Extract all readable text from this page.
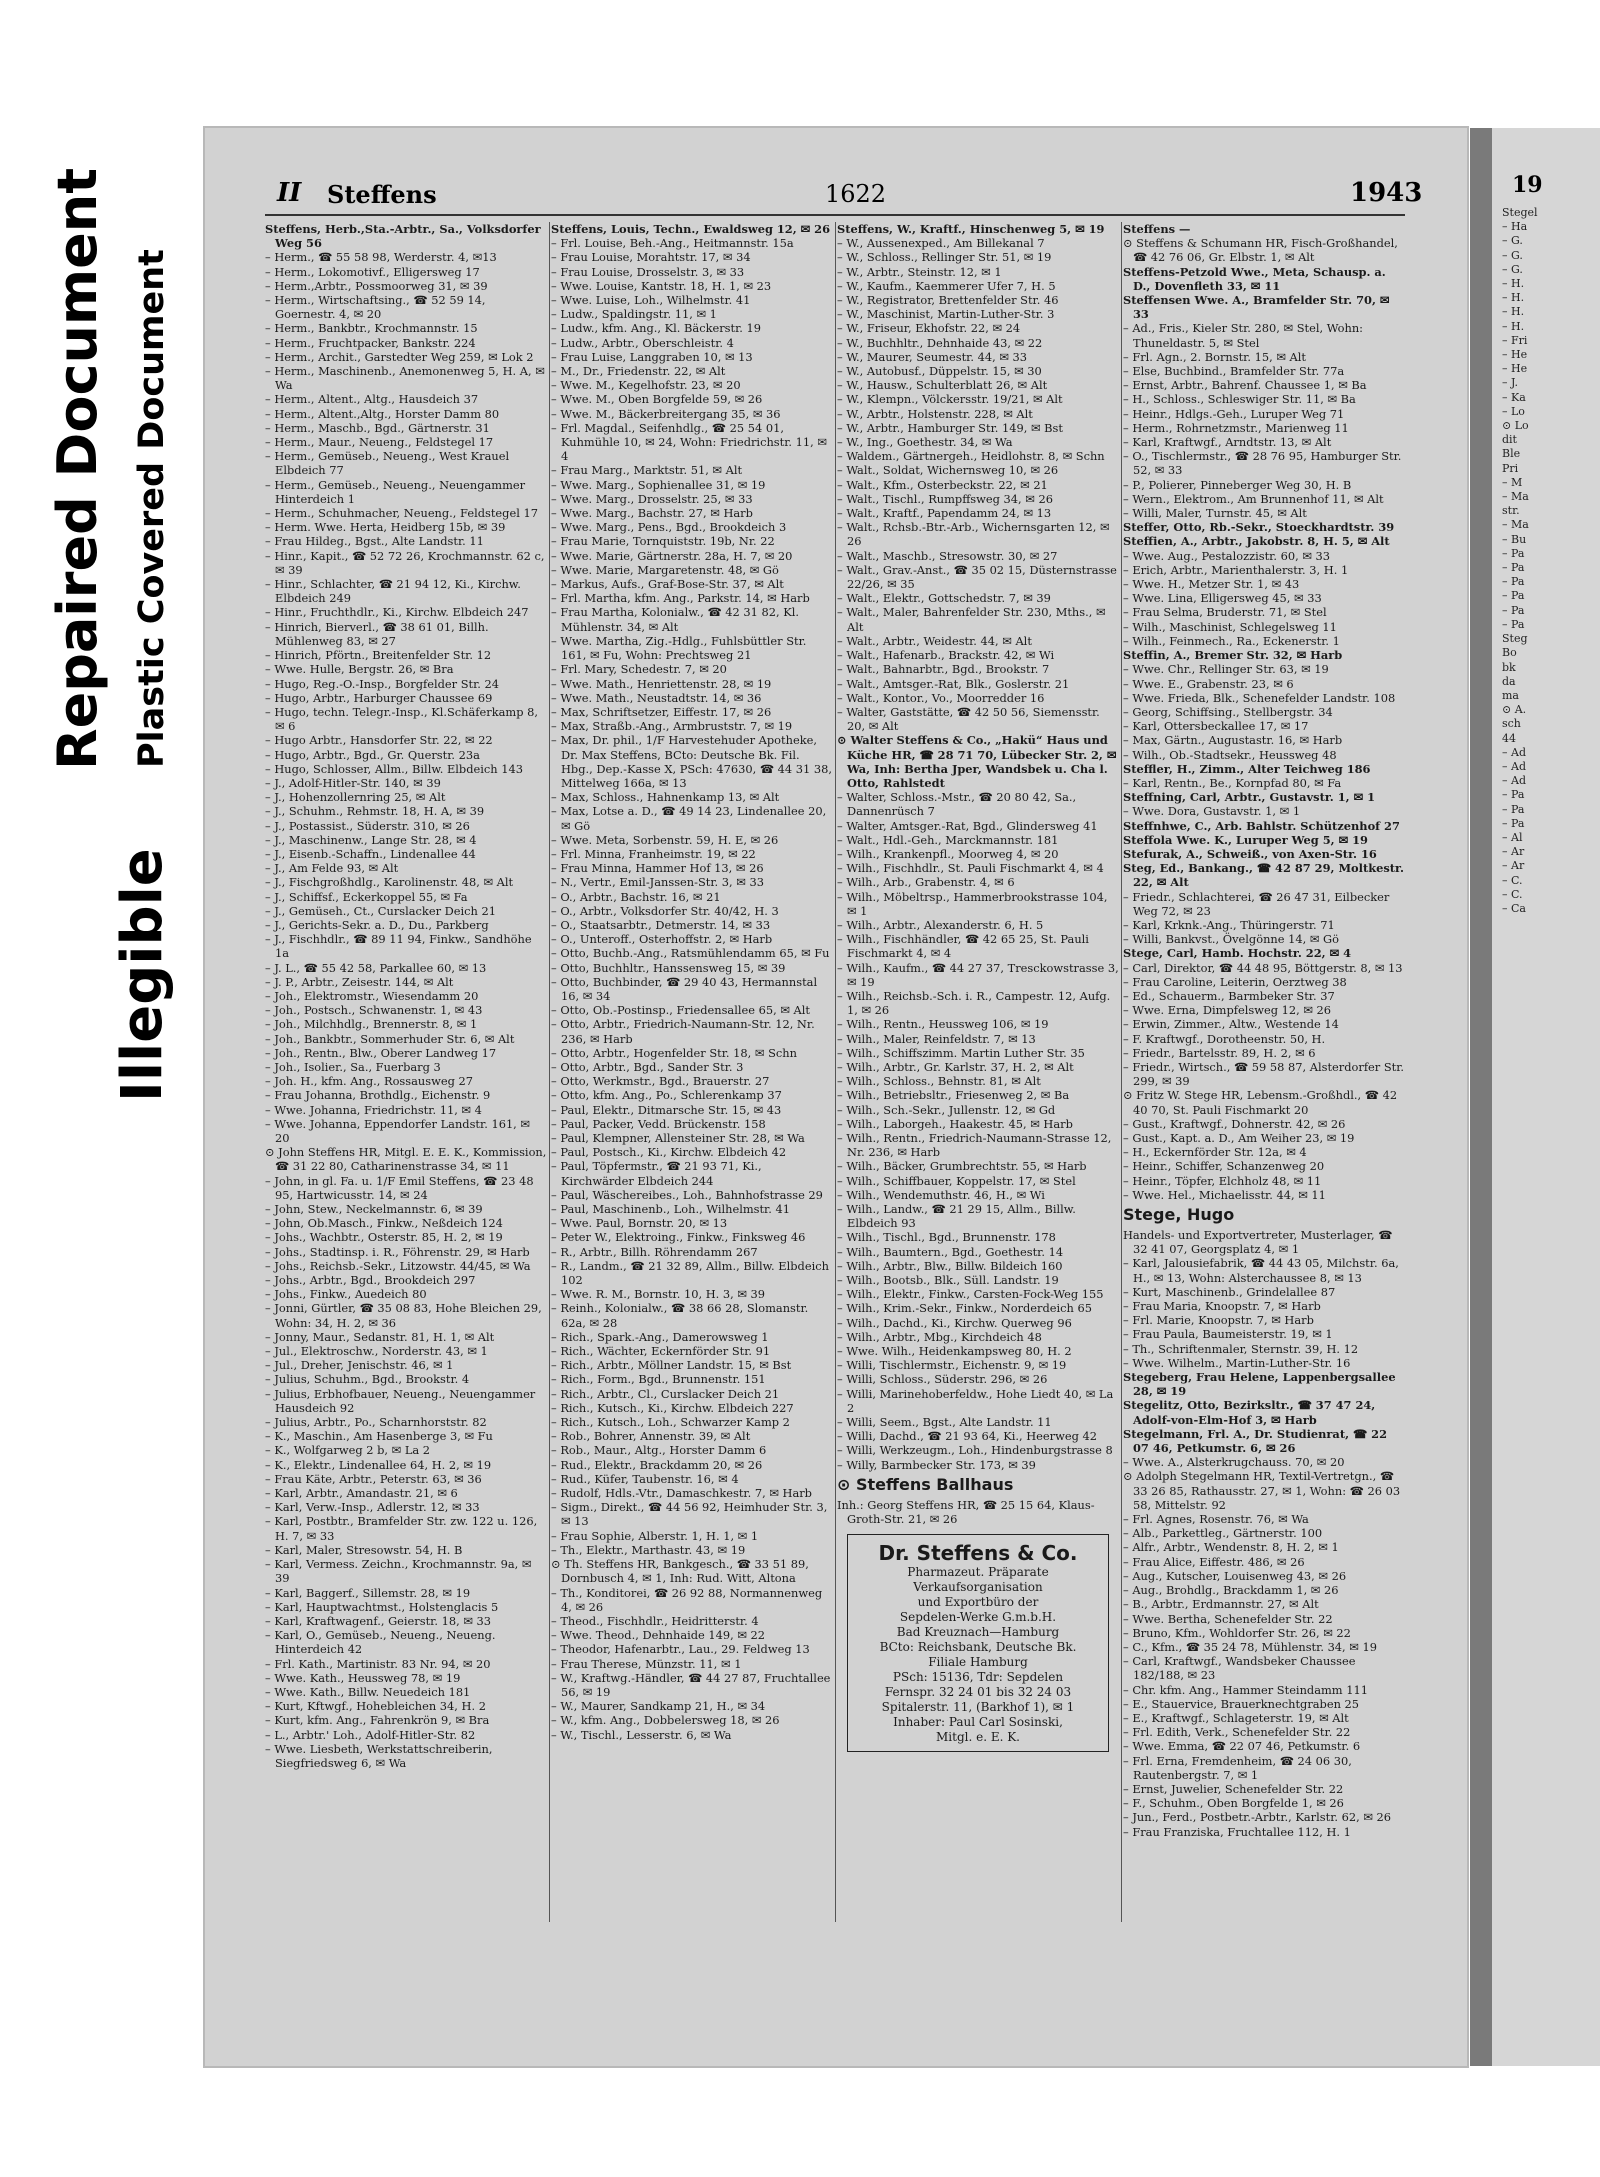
Repaired Document Plastic Covered Document
Illegible
II Steffens	1622	1943
Steffens, Herb.,Sta.-Arbtr., Sa., Volksdorfer Weg 56
– Herm., ☎ 55 58 98, Werderstr. 4, ✉13
– Herm., Lokomotivf., Elligersweg 17
– Herm.,Arbtr., Possmoorweg 31, ✉ 39
– Herm., Wirtschaftsing., ☎ 52 59 14, Goernestr. 4, ✉ 20
– Herm., Bankbtr., Krochmannstr. 15
– Herm., Fruchtpacker, Bankstr. 224
– Herm., Archit., Garstedter Weg 259, ✉ Lok 2
– Herm., Maschinenb., Anemonenweg 5, H. A, ✉ Wa
– Herm., Altent., Altg., Hausdeich 37
– Herm., Altent.,Altg., Horster Damm 80
– Herm., Maschb., Bgd., Gärtnerstr. 31
– Herm., Maur., Neueng., Feldstegel 17
– Herm., Gemüseb., Neueng., West Krauel Elbdeich 77
– Herm., Gemüseb., Neueng., Neuengammer Hinterdeich 1
– Herm., Schuhmacher, Neueng., Feldstegel 17
– Herm. Wwe. Herta, Heidberg 15b, ✉ 39
– Frau Hildeg., Bgst., Alte Landstr. 11
– Hinr., Kapit., ☎ 52 72 26, Krochmannstr. 62 c, ✉ 39
– Hinr., Schlachter, ☎ 21 94 12, Ki., Kirchw. Elbdeich 249
– Hinr., Fruchthdlr., Ki., Kirchw. Elbdeich 247
– Hinrich, Bierverl., ☎ 38 61 01, Billh. Mühlenweg 83, ✉ 27
– Hinrich, Pförtn., Breitenfelder Str. 12
– Wwe. Hulle, Bergstr. 26, ✉ Bra
– Hugo, Reg.-O.-Insp., Borgfelder Str. 24
– Hugo, Arbtr., Harburger Chaussee 69
– Hugo, techn. Telegr.-Insp., Kl.Schäferkamp 8, ✉ 6
– Hugo Arbtr., Hansdorfer Str. 22, ✉ 22
– Hugo, Arbtr., Bgd., Gr. Querstr. 23a
– Hugo, Schlosser, Allm., Billw. Elbdeich 143
– J., Adolf-Hitler-Str. 140, ✉ 39
– J., Hohenzollernring 25, ✉ Alt
– J., Schuhm., Rehmstr. 18, H. A, ✉ 39
– J., Postassist., Süderstr. 310, ✉ 26
– J., Maschinenw., Lange Str. 28, ✉ 4
– J., Eisenb.-Schaffn., Lindenallee 44
– J., Am Felde 93, ✉ Alt
– J., Fischgroßhdlg., Karolinenstr. 48, ✉ Alt
– J., Schiffsf., Eckerkoppel 55, ✉ Fa
– J., Gemüseh., Ct., Curslacker Deich 21
– J., Gerichts-Sekr. a. D., Du., Parkberg
– J., Fischhdlr., ☎ 89 11 94, Finkw., Sandhöhe 1a
– J. L., ☎ 55 42 58, Parkallee 60, ✉ 13
– J. P., Arbtr., Zeisestr. 144, ✉ Alt
– Joh., Elektromstr., Wiesendamm 20
– Joh., Postsch., Schwanenstr. 1, ✉ 43
– Joh., Milchhdlg., Brennerstr. 8, ✉ 1
– Joh., Bankbtr., Sommerhuder Str. 6, ✉ Alt
– Joh., Rentn., Blw., Oberer Landweg 17
– Joh., Isolier., Sa., Fuerbarg 3
– Joh. H., kfm. Ang., Rossausweg 27
– Frau Johanna, Brothdlg., Eichenstr. 9
– Wwe. Johanna, Friedrichstr. 11, ✉ 4
– Wwe. Johanna, Eppendorfer Landstr. 161, ✉ 20
⊙ John Steffens HR, Mitgl. E. E. K., Kommission, ☎ 31 22 80, Catharinenstrasse 34, ✉ 11
– John, in gl. Fa. u. 1/F Emil Steffens, ☎ 23 48 95, Hartwicusstr. 14, ✉ 24
– John, Stew., Neckelmannstr. 6, ✉ 39
– John, Ob.Masch., Finkw., Neßdeich 124
– Johs., Wachbtr., Osterstr. 85, H. 2, ✉ 19
– Johs., Stadtinsp. i. R., Föhrenstr. 29, ✉ Harb
– Johs., Reichsb.-Sekr., Litzowstr. 44/45, ✉ Wa
– Johs., Arbtr., Bgd., Brookdeich 297
– Johs., Finkw., Auedeich 80
– Jonni, Gürtler, ☎ 35 08 83, Hohe Bleichen 29, Wohn: 34, H. 2, ✉ 36
– Jonny, Maur., Sedanstr. 81, H. 1, ✉ Alt
– Jul., Elektroschw., Norderstr. 43, ✉ 1
– Jul., Dreher, Jenischstr. 46, ✉ 1
– Julius, Schuhm., Bgd., Brookstr. 4
– Julius, Erbhofbauer, Neueng., Neuengammer Hausdeich 92
– Julius, Arbtr., Po., Scharnhorststr. 82
– K., Maschin., Am Hasenberge 3, ✉ Fu
– K., Wolfgarweg 2 b, ✉ La 2
– K., Elektr., Lindenallee 64, H. 2, ✉ 19
– Frau Käte, Arbtr., Peterstr. 63, ✉ 36
– Karl, Arbtr., Amandastr. 21, ✉ 6
– Karl, Verw.-Insp., Adlerstr. 12, ✉ 33
– Karl, Postbtr., Bramfelder Str. zw. 122 u. 126, H. 7, ✉ 33
– Karl, Maler, Stresowstr. 54, H. B
– Karl, Vermess. Zeichn., Krochmannstr. 9a, ✉ 39
– Karl, Baggerf., Sillemstr. 28, ✉ 19
– Karl, Hauptwachtmst., Holstenglacis 5
– Karl, Kraftwagenf., Geierstr. 18, ✉ 33
– Karl, O., Gemüseb., Neueng., Neueng. Hinterdeich 42
– Frl. Kath., Martinistr. 83 Nr. 94, ✉ 20
– Wwe. Kath., Heussweg 78, ✉ 19
– Wwe. Kath., Billw. Neuedeich 181
– Kurt, Kftwgf., Hohebleichen 34, H. 2
– Kurt, kfm. Ang., Fahrenkrön 9, ✉ Bra
– L., Arbtr.' Loh., Adolf-Hitler-Str. 82
– Wwe. Liesbeth, Werkstattschreiberin, Siegfriedsweg 6, ✉ Wa
Steffens, Louis, Techn., Ewaldsweg 12, ✉ 26
– Frl. Louise, Beh.-Ang., Heitmannstr. 15a
– Frau Louise, Morahtstr. 17, ✉ 34
– Frau Louise, Drosselstr. 3, ✉ 33
– Wwe. Louise, Kantstr. 18, H. 1, ✉ 23
– Wwe. Luise, Loh., Wilhelmstr. 41
– Ludw., Spaldingstr. 11, ✉ 1
– Ludw., kfm. Ang., Kl. Bäckerstr. 19
– Ludw., Arbtr., Oberschleistr. 4
– Frau Luise, Langgraben 10, ✉ 13
– M., Dr., Friedenstr. 22, ✉ Alt
– Wwe. M., Kegelhofstr. 23, ✉ 20
– Wwe. M., Oben Borgfelde 59, ✉ 26
– Wwe. M., Bäckerbreitergang 35, ✉ 36
– Frl. Magdal., Seifenhdlg., ☎ 25 54 01, Kuhmühle 10, ✉ 24, Wohn: Friedrichstr. 11, ✉ 4
– Frau Marg., Marktstr. 51, ✉ Alt
– Wwe. Marg., Sophienallee 31, ✉ 19
– Wwe. Marg., Drosselstr. 25, ✉ 33
– Wwe. Marg., Bachstr. 27, ✉ Harb
– Wwe. Marg., Pens., Bgd., Brookdeich 3
– Frau Marie, Tornquiststr. 19b, Nr. 22
– Wwe. Marie, Gärtnerstr. 28a, H. 7, ✉ 20
– Wwe. Marie, Margaretenstr. 48, ✉ Gö
– Markus, Aufs., Graf-Bose-Str. 37, ✉ Alt
– Frl. Martha, kfm. Ang., Parkstr. 14, ✉ Harb
– Frau Martha, Kolonialw., ☎ 42 31 82, Kl. Mühlenstr. 34, ✉ Alt
– Wwe. Martha, Zig.-Hdlg., Fuhlsbüttler Str. 161, ✉ Fu, Wohn: Prechtsweg 21
– Frl. Mary, Schedestr. 7, ✉ 20
– Wwe. Math., Henriettenstr. 28, ✉ 19
– Wwe. Math., Neustadtstr. 14, ✉ 36
– Max, Schriftsetzer, Eiffestr. 17, ✉ 26
– Max, Straßb.-Ang., Armbruststr. 7, ✉ 19
– Max, Dr. phil., 1/F Harvestehuder Apotheke, Dr. Max Steffens, BCto: Deutsche Bk. Fil. Hbg., Dep.-Kasse X, PSch: 47630, ☎ 44 31 38, Mittelweg 166a, ✉ 13
– Max, Schloss., Hahnenkamp 13, ✉ Alt
– Max, Lotse a. D., ☎ 49 14 23, Lindenallee 20, ✉ Gö
– Wwe. Meta, Sorbenstr. 59, H. E, ✉ 26
– Frl. Minna, Franheimstr. 19, ✉ 22
– Frau Minna, Hammer Hof 13, ✉ 26
– N., Vertr., Emil-Janssen-Str. 3, ✉ 33
– O., Arbtr., Bachstr. 16, ✉ 21
– O., Arbtr., Volksdorfer Str. 40/42, H. 3
– O., Staatsarbtr., Detmerstr. 14, ✉ 33
– O., Unteroff., Osterhoffstr. 2, ✉ Harb
– Otto, Buchb.-Ang., Ratsmühlendamm 65, ✉ Fu
– Otto, Buchhltr., Hanssensweg 15, ✉ 39
– Otto, Buchbinder, ☎ 29 40 43, Hermannstal 16, ✉ 34
– Otto, Ob.-Postinsp., Friedensallee 65, ✉ Alt
– Otto, Arbtr., Friedrich-Naumann-Str. 12, Nr. 236, ✉ Harb
– Otto, Arbtr., Hogenfelder Str. 18, ✉ Schn
– Otto, Arbtr., Bgd., Sander Str. 3
– Otto, Werkmstr., Bgd., Brauerstr. 27
– Otto, kfm. Ang., Po., Schlerenkamp 37
– Paul, Elektr., Ditmarsche Str. 15, ✉ 43
– Paul, Packer, Vedd. Brückenstr. 158
– Paul, Klempner, Allensteiner Str. 28, ✉ Wa
– Paul, Postsch., Ki., Kirchw. Elbdeich 42
– Paul, Töpfermstr., ☎ 21 93 71, Ki., Kirchwärder Elbdeich 244
– Paul, Wäschereibes., Loh., Bahnhofstrasse 29
– Paul, Maschinenb., Loh., Wilhelmstr. 41
– Wwe. Paul, Bornstr. 20, ✉ 13
– Peter W., Elektroing., Finkw., Finksweg 46
– R., Arbtr., Billh. Röhrendamm 267
– R., Landm., ☎ 21 32 89, Allm., Billw. Elbdeich 102
– Wwe. R. M., Bornstr. 10, H. 3, ✉ 39
– Reinh., Kolonialw., ☎ 38 66 28, Slomanstr. 62a, ✉ 28
– Rich., Spark.-Ang., Damerowsweg 1
– Rich., Wächter, Eckernförder Str. 91
– Rich., Arbtr., Möllner Landstr. 15, ✉ Bst
– Rich., Form., Bgd., Brunnenstr. 151
– Rich., Arbtr., Cl., Curslacker Deich 21
– Rich., Kutsch., Ki., Kirchw. Elbdeich 227
– Rich., Kutsch., Loh., Schwarzer Kamp 2
– Rob., Bohrer, Annenstr. 39, ✉ Alt
– Rob., Maur., Altg., Horster Damm 6
– Rud., Elektr., Brackdamm 20, ✉ 26
– Rud., Küfer, Taubenstr. 16, ✉ 4
– Rudolf, Hdls.-Vtr., Damaschkestr. 7, ✉ Harb
– Sigm., Direkt., ☎ 44 56 92, Heimhuder Str. 3, ✉ 13
– Frau Sophie, Alberstr. 1, H. 1, ✉ 1
– Th., Elektr., Marthastr. 43, ✉ 19
⊙ Th. Steffens HR, Bankgesch., ☎ 33 51 89, Dornbusch 4, ✉ 1, Inh: Rud. Witt, Altona
– Th., Konditorei, ☎ 26 92 88, Normannenweg 4, ✉ 26
– Theod., Fischhdlr., Heidritterstr. 4
– Wwe. Theod., Dehnhaide 149, ✉ 22
– Theodor, Hafenarbtr., Lau., 29. Feldweg 13
– Frau Therese, Münzstr. 11, ✉ 1
– W., Kraftwg.-Händler, ☎ 44 27 87, Fruchtallee 56, ✉ 19
– W., Maurer, Sandkamp 21, H., ✉ 34
– W., kfm. Ang., Dobbelersweg 18, ✉ 26
– W., Tischl., Lesserstr. 6, ✉ Wa
Steffens, W., Kraftf., Hinschenweg 5, ✉ 19
– W., Aussenexped., Am Billekanal 7
– W., Schloss., Rellinger Str. 51, ✉ 19
– W., Arbtr., Steinstr. 12, ✉ 1
– W., Kaufm., Kaemmerer Ufer 7, H. 5
– W., Registrator, Brettenfelder Str. 46
– W., Maschinist, Martin-Luther-Str. 3
– W., Friseur, Ekhofstr. 22, ✉ 24
– W., Buchhltr., Dehnhaide 43, ✉ 22
– W., Maurer, Seumestr. 44, ✉ 33
– W., Autobusf., Düppelstr. 15, ✉ 30
– W., Hausw., Schulterblatt 26, ✉ Alt
– W., Klempn., Völckersstr. 19/21, ✉ Alt
– W., Arbtr., Holstenstr. 228, ✉ Alt
– W., Arbtr., Hamburger Str. 149, ✉ Bst
– W., Ing., Goethestr. 34, ✉ Wa
– Waldem., Gärtnergeh., Heidlohstr. 8, ✉ Schn
– Walt., Soldat, Wichernsweg 10, ✉ 26
– Walt., Kfm., Osterbeckstr. 22, ✉ 21
– Walt., Tischl., Rumpffsweg 34, ✉ 26
– Walt., Kraftf., Papendamm 24, ✉ 13
– Walt., Rchsb.-Btr.-Arb., Wichernsgarten 12, ✉ 26
– Walt., Maschb., Stresowstr. 30, ✉ 27
– Walt., Grav.-Anst., ☎ 35 02 15, Düsternstrasse 22/26, ✉ 35
– Walt., Elektr., Gottschedstr. 7, ✉ 39
– Walt., Maler, Bahrenfelder Str. 230, Mths., ✉ Alt
– Walt., Arbtr., Weidestr. 44, ✉ Alt
– Walt., Hafenarb., Brackstr. 42, ✉ Wi
– Walt., Bahnarbtr., Bgd., Brookstr. 7
– Walt., Amtsger.-Rat, Blk., Goslerstr. 21
– Walt., Kontor., Vo., Moorredder 16
– Walter, Gaststätte, ☎ 42 50 56, Siemensstr. 20, ✉ Alt
⊙ Walter Steffens & Co., „Hakü“ Haus und Küche HR, ☎ 28 71 70, Lübecker Str. 2, ✉ Wa, Inh: Bertha Jper, Wandsbek u. Cha l. Otto, Rahlstedt
– Walter, Schloss.-Mstr., ☎ 20 80 42, Sa., Dannenrüsch 7
– Walter, Amtsger.-Rat, Bgd., Glindersweg 41
– Walt., Hdl.-Geh., Marckmannstr. 181
– Wilh., Krankenpfl., Moorweg 4, ✉ 20
– Wilh., Fischhdlr., St. Pauli Fischmarkt 4, ✉ 4
– Wilh., Arb., Grabenstr. 4, ✉ 6
– Wilh., Möbeltrsp., Hammerbrookstrasse 104, ✉ 1
– Wilh., Arbtr., Alexanderstr. 6, H. 5
– Wilh., Fischhändler, ☎ 42 65 25, St. Pauli Fischmarkt 4, ✉ 4
– Wilh., Kaufm., ☎ 44 27 37, Tresckowstrasse 3, ✉ 19
– Wilh., Reichsb.-Sch. i. R., Campestr. 12, Aufg. 1, ✉ 26
– Wilh., Rentn., Heussweg 106, ✉ 19
– Wilh., Maler, Reinfeldstr. 7, ✉ 13
– Wilh., Schiffszimm. Martin Luther Str. 35
– Wilh., Arbtr., Gr. Karlstr. 37, H. 2, ✉ Alt
– Wilh., Schloss., Behnstr. 81, ✉ Alt
– Wilh., Betriebsltr., Friesenweg 2, ✉ Ba
– Wilh., Sch.-Sekr., Jullenstr. 12, ✉ Gd
– Wilh., Laborgeh., Haakestr. 45, ✉ Harb
– Wilh., Rentn., Friedrich-Naumann-Strasse 12, Nr. 236, ✉ Harb
– Wilh., Bäcker, Grumbrechtstr. 55, ✉ Harb
– Wilh., Schiffbauer, Koppelstr. 17, ✉ Stel
– Wilh., Wendemuthstr. 46, H., ✉ Wi
– Wilh., Landw., ☎ 21 29 15, Allm., Billw. Elbdeich 93
– Wilh., Tischl., Bgd., Brunnenstr. 178
– Wilh., Baumtern., Bgd., Goethestr. 14
– Wilh., Arbtr., Blw., Billw. Bildeich 160
– Wilh., Bootsb., Blk., Süll. Landstr. 19
– Wilh., Elektr., Finkw., Carsten-Fock-Weg 155
– Wilh., Krim.-Sekr., Finkw., Norderdeich 65
– Wilh., Dachd., Ki., Kirchw. Querweg 96
– Wilh., Arbtr., Mbg., Kirchdeich 48
– Wwe. Wilh., Heidenkampsweg 80, H. 2
– Willi, Tischlermstr., Eichenstr. 9, ✉ 19
– Willi, Schloss., Süderstr. 296, ✉ 26
– Willi, Marinehoberfeldw., Hohe Liedt 40, ✉ La 2
– Willi, Seem., Bgst., Alte Landstr. 11
– Willi, Dachd., ☎ 21 93 64, Ki., Heerweg 42
– Willi, Werkzeugm., Loh., Hindenburgstrasse 8
– Willy, Barmbecker Str. 173, ✉ 39
⊙ Steffens Ballhaus
Inh.: Georg Steffens HR, ☎ 25 15 64, Klaus-Groth-Str. 21, ✉ 26
Dr. Steffens & Co.
Pharmazeut. Präparate
Verkaufsorganisation
und Exportbüro der
Sepdelen-Werke G.m.b.H.
Bad Kreuznach—Hamburg
BCto: Reichsbank, Deutsche Bk.
Filiale Hamburg
PSch: 15136, Tdr: Sepdelen
Fernspr. 32 24 01 bis 32 24 03
Spitalerstr. 11, (Barkhof 1), ✉ 1
Inhaber: Paul Carl Sosinski,
Mitgl. e. E. K.
Steffens —
⊙ Steffens & Schumann HR, Fisch-Großhandel, ☎ 42 76 06, Gr. Elbstr. 1, ✉ Alt
Steffens-Petzold Wwe., Meta, Schausp. a. D., Dovenfleth 33, ✉ 11
Steffensen Wwe. A., Bramfelder Str. 70, ✉ 33
– Ad., Fris., Kieler Str. 280, ✉ Stel, Wohn: Thuneldastr. 5, ✉ Stel
– Frl. Agn., 2. Bornstr. 15, ✉ Alt
– Else, Buchbind., Bramfelder Str. 77a
– Ernst, Arbtr., Bahrenf. Chaussee 1, ✉ Ba
– H., Schloss., Schleswiger Str. 11, ✉ Ba
– Heinr., Hdlgs.-Geh., Luruper Weg 71
– Herm., Rohrnetzmstr., Marienweg 11
– Karl, Kraftwgf., Arndtstr. 13, ✉ Alt
– O., Tischlermstr., ☎ 28 76 95, Hamburger Str. 52, ✉ 33
– P., Polierer, Pinneberger Weg 30, H. B
– Wern., Elektrom., Am Brunnenhof 11, ✉ Alt
– Willi, Maler, Turnstr. 45, ✉ Alt
Steffer, Otto, Rb.-Sekr., Stoeckhardtstr. 39
Steffien, A., Arbtr., Jakobstr. 8, H. 5, ✉ Alt
– Wwe. Aug., Pestalozzistr. 60, ✉ 33
– Erich, Arbtr., Marienthalerstr. 3, H. 1
– Wwe. H., Metzer Str. 1, ✉ 43
– Wwe. Lina, Elligersweg 45, ✉ 33
– Frau Selma, Bruderstr. 71, ✉ Stel
– Wilh., Maschinist, Schlegelsweg 11
– Wilh., Feinmech., Ra., Eckenerstr. 1
Steffin, A., Bremer Str. 32, ✉ Harb
– Wwe. Chr., Rellinger Str. 63, ✉ 19
– Wwe. E., Grabenstr. 23, ✉ 6
– Wwe. Frieda, Blk., Schenefelder Landstr. 108
– Georg, Schiffsing., Stellbergstr. 34
– Karl, Ottersbeckallee 17, ✉ 17
– Max, Gärtn., Augustastr. 16, ✉ Harb
– Wilh., Ob.-Stadtsekr., Heussweg 48
Steffler, H., Zimm., Alter Teichweg 186
– Karl, Rentn., Be., Kornpfad 80, ✉ Fa
Steffning, Carl, Arbtr., Gustavstr. 1, ✉ 1
– Wwe. Dora, Gustavstr. 1, ✉ 1
Steffnhwe, C., Arb. Bahlstr. Schützenhof 27
Steffola Wwe. K., Luruper Weg 5, ✉ 19
Stefurak, A., Schweiß., von Axen-Str. 16
Steg, Ed., Bankang., ☎ 42 87 29, Moltkestr. 22, ✉ Alt
– Friedr., Schlachterei, ☎ 26 47 31, Eilbecker Weg 72, ✉ 23
– Karl, Krknk.-Ang., Thüringerstr. 71
– Willi, Bankvst., Övelgönne 14, ✉ Gö
Stege, Carl, Hamb. Hochstr. 22, ✉ 4
– Carl, Direktor, ☎ 44 48 95, Böttgerstr. 8, ✉ 13
– Frau Caroline, Leiterin, Oerztweg 38
– Ed., Schauerm., Barmbeker Str. 37
– Wwe. Erna, Dimpfelsweg 12, ✉ 26
– Erwin, Zimmer., Altw., Westende 14
– F. Kraftwgf., Dorotheenstr. 50, H.
– Friedr., Bartelsstr. 89, H. 2, ✉ 6
– Friedr., Wirtsch., ☎ 59 58 87, Alsterdorfer Str. 299, ✉ 39
⊙ Fritz W. Stege HR, Lebensm.-Großhdl., ☎ 42 40 70, St. Pauli Fischmarkt 20
– Gust., Kraftwgf., Dohnerstr. 42, ✉ 26
– Gust., Kapt. a. D., Am Weiher 23, ✉ 19
– H., Eckernförder Str. 12a, ✉ 4
– Heinr., Schiffer, Schanzenweg 20
– Heinr., Töpfer, Elchholz 48, ✉ 11
– Wwe. Hel., Michaelisstr. 44, ✉ 11
Stege, Hugo
Handels- und Exportvertreter, Musterlager, ☎ 32 41 07, Georgsplatz 4, ✉ 1
– Karl, Jalousiefabrik, ☎ 44 43 05, Milchstr. 6a, H., ✉ 13, Wohn: Alsterchaussee 8, ✉ 13
– Kurt, Maschinenb., Grindelallee 87
– Frau Maria, Knoopstr. 7, ✉ Harb
– Frl. Marie, Knoopstr. 7, ✉ Harb
– Frau Paula, Baumeisterstr. 19, ✉ 1
– Th., Schriftenmaler, Sternstr. 39, H. 12
– Wwe. Wilhelm., Martin-Luther-Str. 16
Stegeberg, Frau Helene, Lappenbergsallee 28, ✉ 19
Stegelitz, Otto, Bezirksltr., ☎ 37 47 24, Adolf-von-Elm-Hof 3, ✉ Harb
Stegelmann, Frl. A., Dr. Studienrat, ☎ 22 07 46, Petkumstr. 6, ✉ 26
– Wwe. A., Alsterkrugchauss. 70, ✉ 20
⊙ Adolph Stegelmann HR, Textil-Vertretgn., ☎ 33 26 85, Rathausstr. 27, ✉ 1, Wohn: ☎ 26 03 58, Mittelstr. 92
– Frl. Agnes, Rosenstr. 76, ✉ Wa
– Alb., Parkettleg., Gärtnerstr. 100
– Alfr., Arbtr., Wendenstr. 8, H. 2, ✉ 1
– Frau Alice, Eiffestr. 486, ✉ 26
– Aug., Kutscher, Louisenweg 43, ✉ 26
– Aug., Brohdlg., Brackdamm 1, ✉ 26
– B., Arbtr., Erdmannstr. 27, ✉ Alt
– Wwe. Bertha, Schenefelder Str. 22
– Bruno, Kfm., Wohldorfer Str. 26, ✉ 22
– C., Kfm., ☎ 35 24 78, Mühlenstr. 34, ✉ 19
– Carl, Kraftwgf., Wandsbeker Chaussee 182/188, ✉ 23
– Chr. kfm. Ang., Hammer Steindamm 111
– E., Stauervice, Brauerknechtgraben 25
– E., Kraftwgf., Schlageterstr. 19, ✉ Alt
– Frl. Edith, Verk., Schenefelder Str. 22
– Wwe. Emma, ☎ 22 07 46, Petkumstr. 6
– Frl. Erna, Fremdenheim, ☎ 24 06 30, Rautenbergstr. 7, ✉ 1
– Ernst, Juwelier, Schenefelder Str. 22
– F., Schuhm., Oben Borgfelde 1, ✉ 26
– Jun., Ferd., Postbetr.-Arbtr., Karlstr. 62, ✉ 26
– Frau Franziska, Fruchtallee 112, H. 1
19
Stegel
– Ha
– G.
– G.
– G.
– H.
– H.
– H.
– H.
– Fri
– He
– He
– J.
– Ka
– Lo
⊙ Lo
dit
Ble
Pri
– M
– Ma
str.
– Ma
– Bu
– Pa
– Pa
– Pa
– Pa
– Pa
– Pa
Steg
Bo
bk
da
ma
⊙ A.
sch
44
– Ad
– Ad
– Ad
– Pa
– Pa
– Pa
– Al
– Ar
– Ar
– C.
– C.
– Ca
